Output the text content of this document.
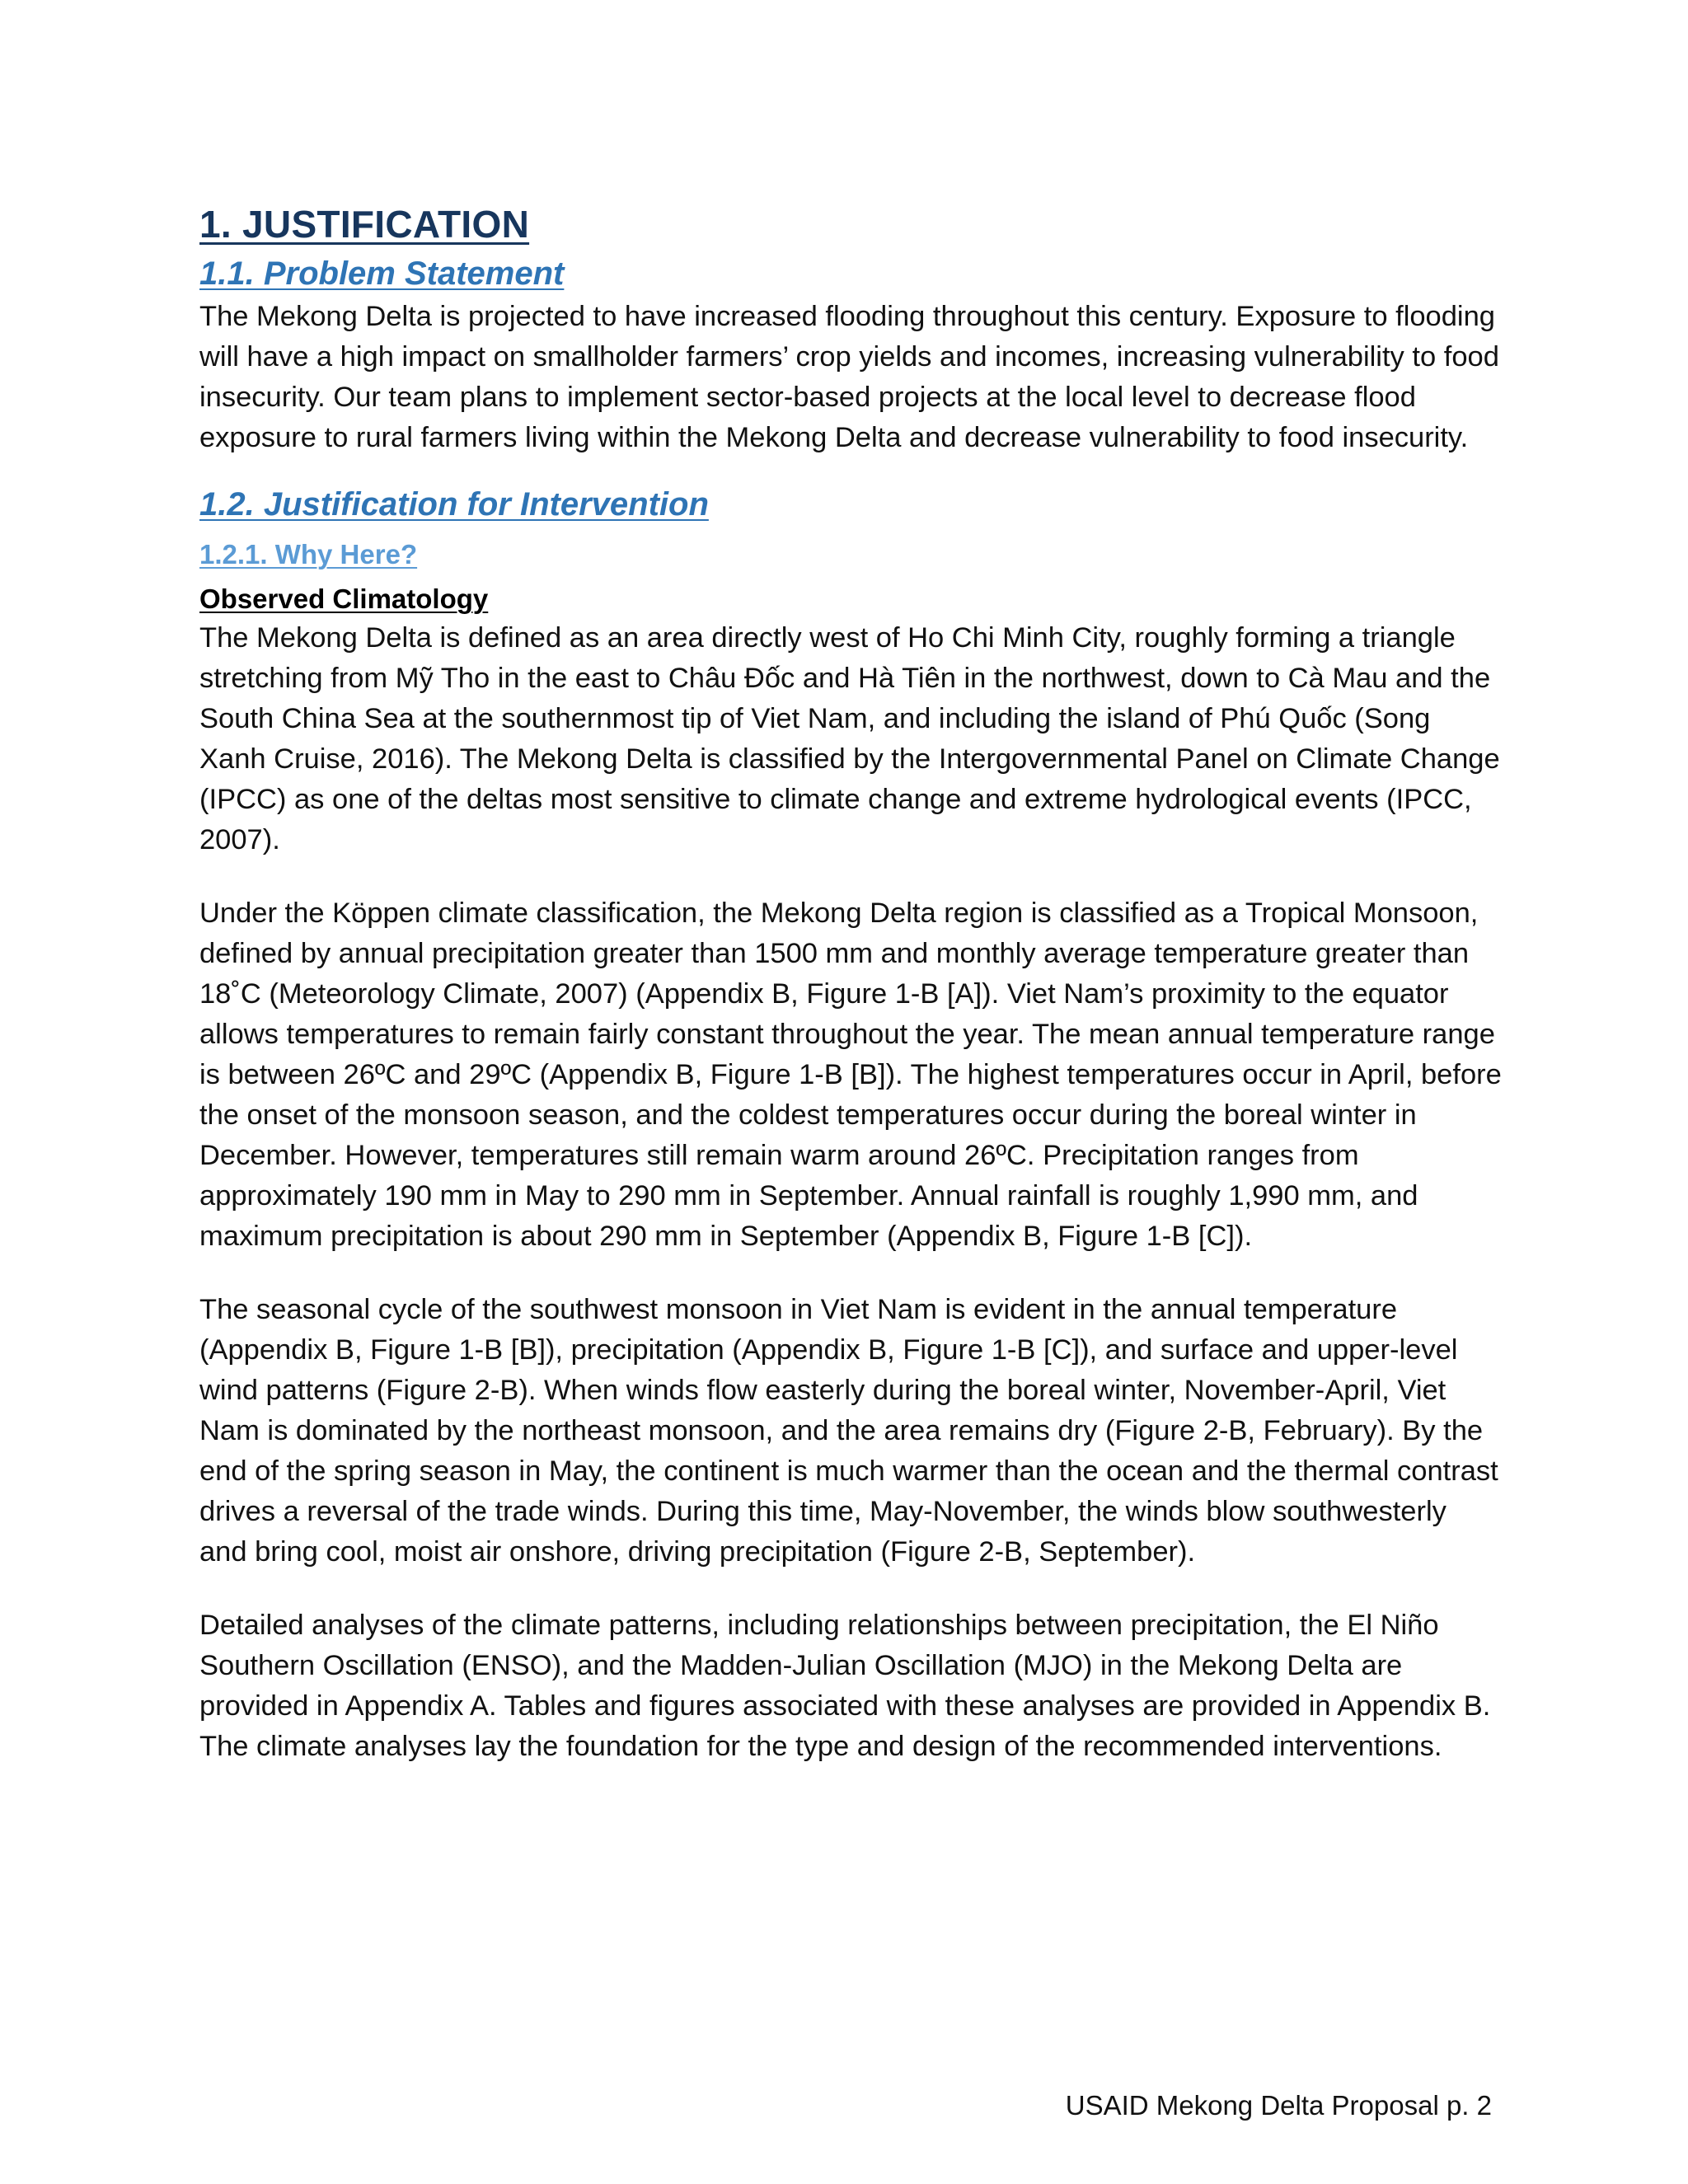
1. JUSTIFICATION
1.1. Problem Statement

The Mekong Delta is projected to have increased flooding throughout this century. Exposure to flooding will have a high impact on smallholder farmers’ crop yields and incomes, increasing vulnerability to food insecurity. Our team plans to implement sector-based projects at the local level to decrease flood exposure to rural farmers living within the Mekong Delta and decrease vulnerability to food insecurity.

1.2. Justification for Intervention
1.2.1. Why Here?
Observed Climatology

The Mekong Delta is defined as an area directly west of Ho Chi Minh City, roughly forming a triangle stretching from Mỹ Tho in the east to Châu Đốc and Hà Tiên in the northwest, down to Cà Mau and the South China Sea at the southernmost tip of Viet Nam, and including the island of Phú Quốc (Song Xanh Cruise, 2016). The Mekong Delta is classified by the Intergovernmental Panel on Climate Change (IPCC) as one of the deltas most sensitive to climate change and extreme hydrological events (IPCC, 2007).

Under the Köppen climate classification, the Mekong Delta region is classified as a Tropical Monsoon, defined by annual precipitation greater than 1500 mm and monthly average temperature greater than 18˚C (Meteorology Climate, 2007) (Appendix B, Figure 1-B [A]). Viet Nam’s proximity to the equator allows temperatures to remain fairly constant throughout the year. The mean annual temperature range is between 26ºC and 29ºC (Appendix B, Figure 1-B [B]). The highest temperatures occur in April, before the onset of the monsoon season, and the coldest temperatures occur during the boreal winter in December. However, temperatures still remain warm around 26ºC. Precipitation ranges from approximately 190 mm in May to 290 mm in September. Annual rainfall is roughly 1,990 mm, and maximum precipitation is about 290 mm in September (Appendix B, Figure 1-B [C]).

The seasonal cycle of the southwest monsoon in Viet Nam is evident in the annual temperature (Appendix B, Figure 1-B [B]), precipitation (Appendix B, Figure 1-B [C]), and surface and upper-level wind patterns (Figure 2-B). When winds flow easterly during the boreal winter, November-April, Viet Nam is dominated by the northeast monsoon, and the area remains dry (Figure 2-B, February). By the end of the spring season in May, the continent is much warmer than the ocean and the thermal contrast drives a reversal of the trade winds. During this time, May-November, the winds blow southwesterly and bring cool, moist air onshore, driving precipitation (Figure 2-B, September).

Detailed analyses of the climate patterns, including relationships between precipitation, the El Niño Southern Oscillation (ENSO), and the Madden-Julian Oscillation (MJO) in the Mekong Delta are provided in Appendix A. Tables and figures associated with these analyses are provided in Appendix B. The climate analyses lay the foundation for the type and design of the recommended interventions.

USAID Mekong Delta Proposal p. 2
